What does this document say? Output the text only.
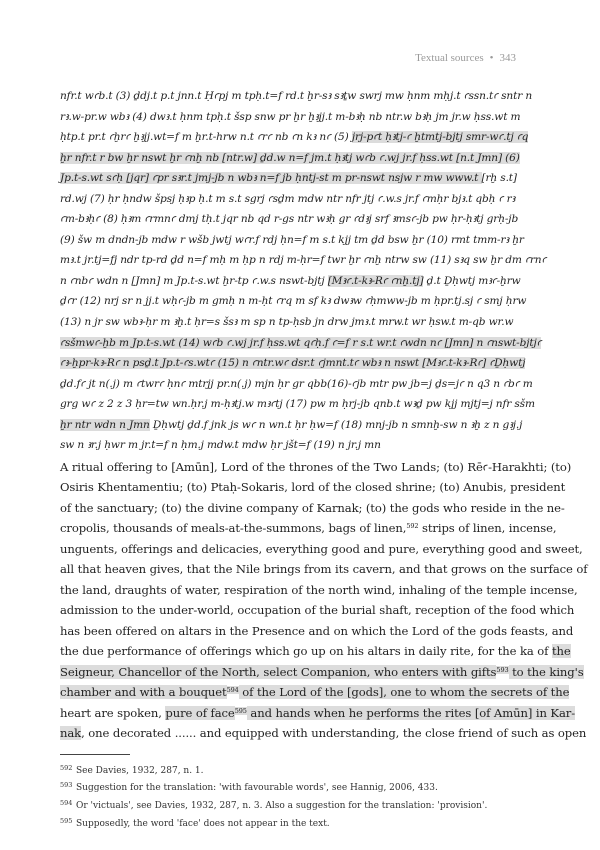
Textual sources • 343

nfr.t wꜥb.t (3) ḏdj.t p.t jnn.t Ḥꜥpj m tpḥ.t=f rd.t ḫr-sꜣ sꜣṯw swrj mw ḥnm mḥj.t ꜥssn.tꜥ sntr n

rꜣ.w-pr.w wbꜣ (4) dwꜣ.t ḥnm tpḥ.t šsp snw pr ḫr ḫꜣjj.t m-bꜣḥ nb ntr.w bꜣḥ jm jr.w ḥss.wt m

ḥtp.t pr.t ꜥḫrꜥ ḫꜣjj.wt=f m ḫr.t-hrw n.t ꜥrꜥ nb ꜥn kꜣ nꜥ (5) jrj-pꜥt ḥꜣtj-ꜥ ḫtmtj-bjtj smr-wꜥ.tj ꜥq

ḫr nfr.t r bw ḫr nswt ḫr ꜥnḫ nb [ntr.w] ḏd.w n=f jm.t ḥꜣtj wꜥb ꜥ.wj jr.f ḥss.wt [n.t Jmn] (6)

Jp.t-s.wt sꜥḥ [jqr] ꜥpr sꜣr.t jmj-jb n wbꜣ n=f jb ḥntj-st m pr-nswt nsjw r mw www.t [rḫ s.t]

rd.wj (7) ḥr ḥndw špsj ḥꜣp ḥ.t m s.t sgrj ꜥsḏm mdw ntr nfr jtj ꜥ.w.s jr.f ꜥmḥr bjꜣ.t qbḥ ꜥ rꜣ

ꜥm-bꜣḥꜥ (8) ḥꜣm ꜥrmnꜥ dmj tḥ.t jqr nb qd r-gs ntr wꜣḥ gr ꜥdꜣj srf ꜣmsꜥ-jb pw ḥr-ḥꜣtj grḥ-jb

(9) šw m dndn-jb mdw r wšb jwtj wꜥr.f rdj ḥn=f m s.t kjj tm ḏd bsw ḫr (10) rmt tmm-rꜣ ḫr

mꜣ.t jr.tj=fj ndr tp-rd ḏd n=f mḥ m ḥp n rdj m-ḥr=f twr ḫr ꜥnḫ ntrw sw (11) sꜣq sw ḫr dm ꜥrnꜥ

n ꜥnbꜥ wdn n [Jmn] m Jp.t-s.wt ḫr-tp ꜥ.w.s nswt-bjtj [Mꜣꜥ.t-kꜣ-Rꜥ ꜥnḫ.tj] ḏ.t Ḏḥwtj mꜣꜥ-ḫrw

ḏꜥr (12) nrj sr n jj.t wḥꜥ-jb m gmḥ n m-ḥt ꜥrq m sf kꜣ dwꜣw ꜥḥmww-jb m ḥpr.tj.sj ꜥ smj ḥrw

(13) n jr sw wbꜣ-ḥr m ꜣḫ.t ḥr=s šsꜣ m sp n tp-ḥsb jn drw jmꜣ.t mrw.t wr ḥsw.t m-qb wr.w

ꜥsšmwꜥ-ḫb m Jp.t-s.wt (14) wꜥb ꜥ.wj jr.f ḥss.wt qꜥḥ.f ꜥ=f r s.t wr.t ꜥwdn nꜥ [Jmn] n ꜥnswt-bjtjꜥ

ꜥꜣ-ḫpr-kꜣ-Rꜥ n psḏ.t Jp.t-ꜥs.wtꜥ (15) n ꜥntr.wꜥ dsr.t ꜥjmnt.tꜥ wbꜣ n nswt [Mꜣꜥ.t-kꜣ-Rꜥ] ꜥḎḥwtj

ḏd.fꜥ jt n(.j) m ꜥtwrꜥ ḥnꜥ mtrjj pr.n(.j) mjn ḥr gr qbb(16)-ꜥjb mtr pw jb=j ḏs=jꜥ n q3 n ꜥbꜥ m

grg wꜥ z 2 z 3 ḥr=tw wn.ḥr.j m-ḥꜣtj.w mꜣꜥtj (17) pw m ḥrj-jb qnb.t wꜣḏ pw kjj mjtj=j nfr sšm

ḫr ntr wdn n Jmn Ḏḥwtj ḏd.f jnk js wꜥ n wn.t ḥr ḥw=f (18) mnj-jb n smnḫ-sw n ꜣḫ z n gꜣj.j

sw n ꜣr.j ḥwr m jr.t=f n ḥm.j mdw.t mdw ḥr jšt=f (19) n jr.j mn

A ritual offering to [Amūn], Lord of the thrones of the Two Lands; (to) Rēꜥ-Harakhti; (to)

Osiris Khentamentiu; (to) Ptaḥ-Sokaris, lord of the closed shrine; (to) Anubis, president

of the sanctuary; (to) the divine company of Karnak; (to) the gods who reside in the ne-

cropolis, thousands of meals-at-the-summons, bags of linen,$^{592}$ strips of linen, incense,

unguents, offerings and delicacies, everything good and pure, everything good and sweet,

all that heaven gives, that the Nile brings from its cavern, and that grows on the surface of

the land, draughts of water, respiration of the north wind, inhaling of the temple incense,

admission to the under-world, occupation of the burial shaft, reception of the food which

has been offered on altars in the Presence and on which the Lord of the gods feasts, and

the due performance of offerings which go up on his altars in daily rite, for the ka of the

Seigneur, Chancellor of the North, select Companion, who enters with gifts$^{593}$ to the king's

chamber and with a bouquet$^{594}$ of the Lord of the [gods], one to whom the secrets of the

heart are spoken, pure of face$^{595}$ and hands when he performs the rites [of Amūn] in Kar-

nak, one decorated ...... and equipped with understanding, the close friend of such as open

592 See Davies, 1932, 287, n. 1.

593 Suggestion for the translation: 'with favourable words', see Hannig, 2006, 433.

594 Or 'victuals', see Davies, 1932, 287, n. 3. Also a suggestion for the translation: 'provision'.

595 Supposedly, the word 'face' does not appear in the text.
